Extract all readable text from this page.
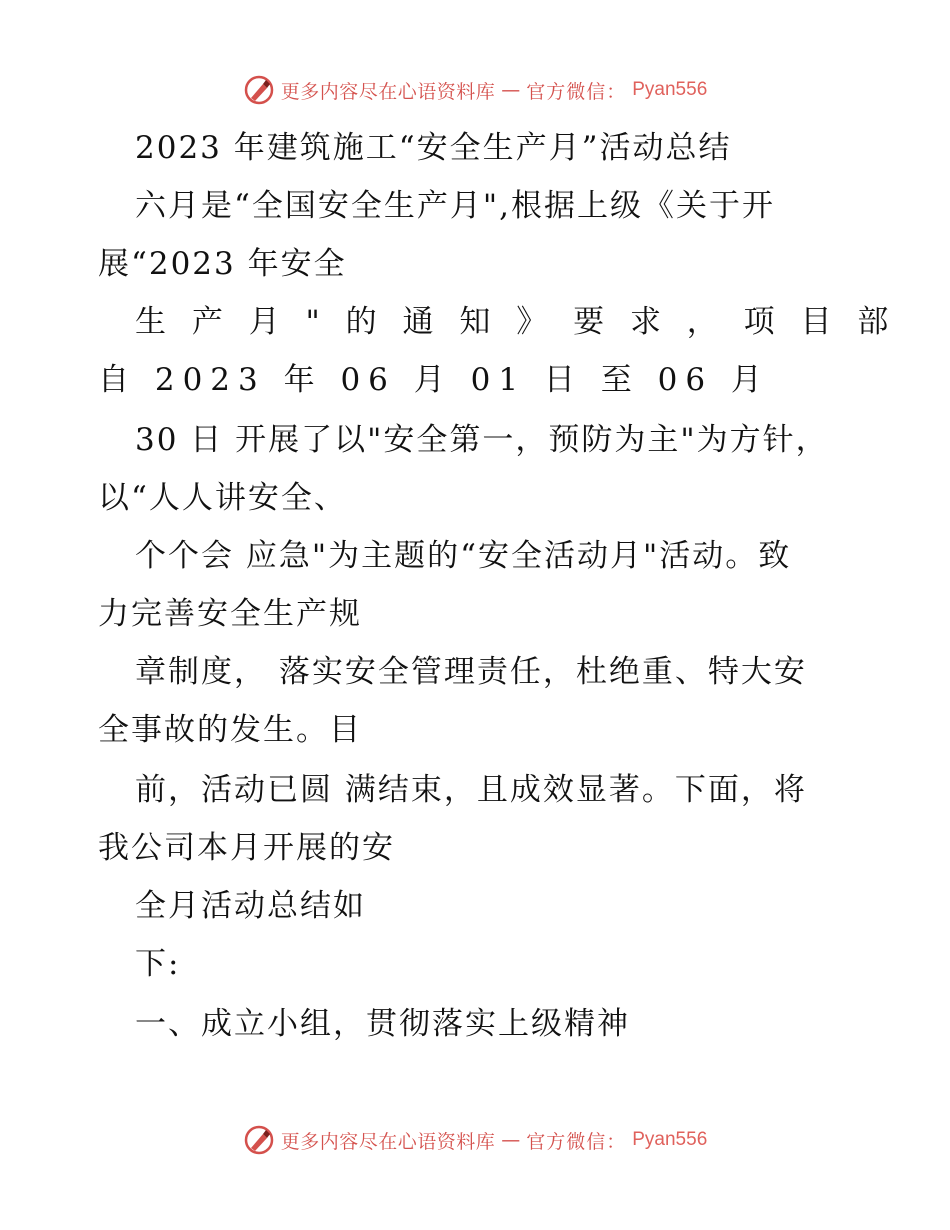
更多内容尽在心语资料库 — 官方微信： Pyan556
2023 年建筑施工“安全生产月”活动总结
六月是“全国安全生产月",根据上级《关于开
展“2023 年安全
生 产 月 " 的 通 知 》 要 求 ， 项 目 部
自 2023 年 06 月 01 日 至 06 月
30 日 开展了以"安全第一，预防为主"为方针，
以“人人讲安全、
个个会 应急"为主题的“安全活动月"活动。致
力完善安全生产规
章制度， 落实安全管理责任，杜绝重、特大安
全事故的发生。目
前，活动已圆 满结束，且成效显著。下面，将
我公司本月开展的安
全月活动总结如
下:
一、成立小组，贯彻落实上级精神
更多内容尽在心语资料库 — 官方微信： Pyan556
